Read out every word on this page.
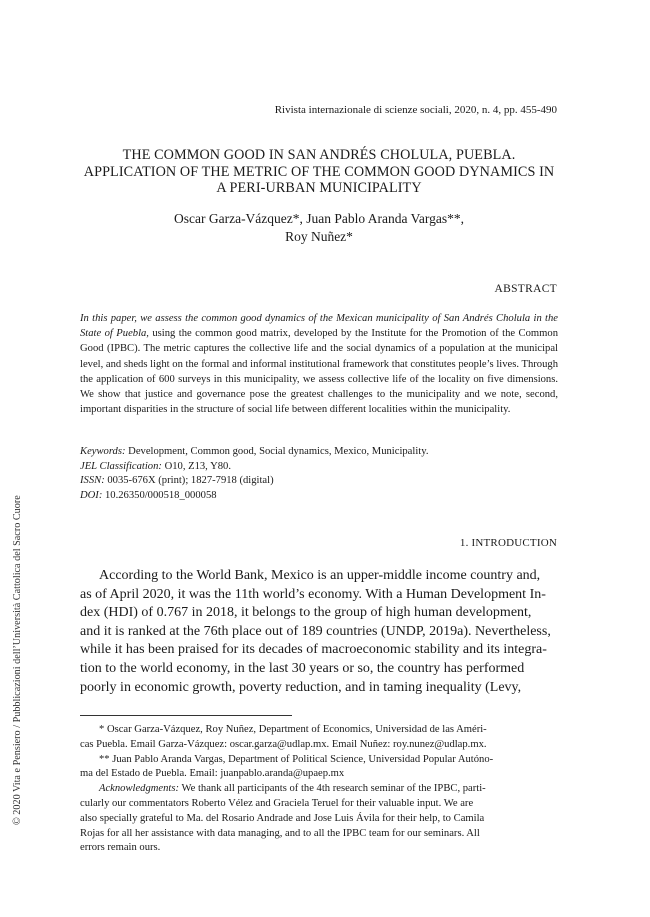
Rivista internazionale di scienze sociali, 2020, n. 4, pp. 455-490
THE COMMON GOOD IN SAN ANDRÉS CHOLULA, PUEBLA.
APPLICATION OF THE METRIC OF THE COMMON GOOD DYNAMICS IN
A PERI-URBAN MUNICIPALITY
Oscar Garza-Vázquez*, Juan Pablo Aranda Vargas**,
Roy Nuñez*
ABSTRACT
In this paper, we assess the common good dynamics of the Mexican municipality of San Andrés Cholula in the State of Puebla, using the common good matrix, developed by the Institute for the Promotion of the Common Good (IPBC). The metric captures the collective life and the social dynamics of a population at the municipal level, and sheds light on the formal and informal institutional framework that constitutes people’s lives. Through the application of 600 surveys in this municipality, we assess collective life of the locality on five dimensions. We show that justice and governance pose the greatest challenges to the municipality and we note, second, important disparities in the structure of social life between different localities within the municipality.
Keywords: Development, Common good, Social dynamics, Mexico, Municipality.
JEL Classification: O10, Z13, Y80.
ISSN: 0035-676X (print); 1827-7918 (digital)
DOI: 10.26350/000518_000058
1. INTRODUCTION
According to the World Bank, Mexico is an upper-middle income country and,
as of April 2020, it was the 11th world’s economy. With a Human Development In-
dex (HDI) of 0.767 in 2018, it belongs to the group of high human development,
and it is ranked at the 76th place out of 189 countries (UNDP, 2019a). Nevertheless,
while it has been praised for its decades of macroeconomic stability and its integra-
tion to the world economy, in the last 30 years or so, the country has performed
poorly in economic growth, poverty reduction, and in taming inequality (Levy,
* Oscar Garza-Vázquez, Roy Nuñez, Department of Economics, Universidad de las Améri-
cas Puebla. Email Garza-Vázquez: oscar.garza@udlap.mx. Email Nuñez: roy.nunez@udlap.mx.
** Juan Pablo Aranda Vargas, Department of Political Science, Universidad Popular Autóno-
ma del Estado de Puebla. Email: juanpablo.aranda@upaep.mx
Acknowledgments: We thank all participants of the 4th research seminar of the IPBC, parti-
cularly our commentators Roberto Vélez and Graciela Teruel for their valuable input. We are
also specially grateful to Ma. del Rosario Andrade and Jose Luis Ávila for their help, to Camila
Rojas for all her assistance with data managing, and to all the IPBC team for our seminars. All
errors remain ours.
© 2020 Vita e Pensiero / Pubblicazioni dell’Università Cattolica del Sacro Cuore
